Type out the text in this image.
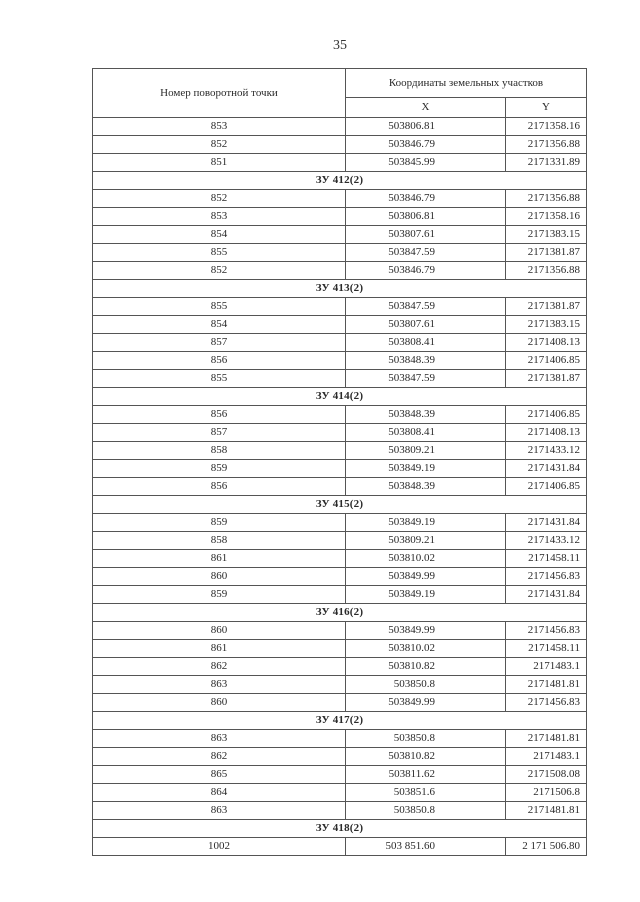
35
Номер поворотной точки	Координаты земельных участков	
	X	Y
853	503806.81	2171358.16
852	503846.79	2171356.88
851	503845.99	2171331.89
ЗУ 412(2)		
852	503846.79	2171356.88
853	503806.81	2171358.16
854	503807.61	2171383.15
855	503847.59	2171381.87
852	503846.79	2171356.88
ЗУ 413(2)		
855	503847.59	2171381.87
854	503807.61	2171383.15
857	503808.41	2171408.13
856	503848.39	2171406.85
855	503847.59	2171381.87
ЗУ 414(2)		
856	503848.39	2171406.85
857	503808.41	2171408.13
858	503809.21	2171433.12
859	503849.19	2171431.84
856	503848.39	2171406.85
ЗУ 415(2)		
859	503849.19	2171431.84
858	503809.21	2171433.12
861	503810.02	2171458.11
860	503849.99	2171456.83
859	503849.19	2171431.84
ЗУ 416(2)		
860	503849.99	2171456.83
861	503810.02	2171458.11
862	503810.82	2171483.1
863	503850.8	2171481.81
860	503849.99	2171456.83
ЗУ 417(2)		
863	503850.8	2171481.81
862	503810.82	2171483.1
865	503811.62	2171508.08
864	503851.6	2171506.8
863	503850.8	2171481.81
ЗУ 418(2)		
1002	503 851.60	2 171 506.80
